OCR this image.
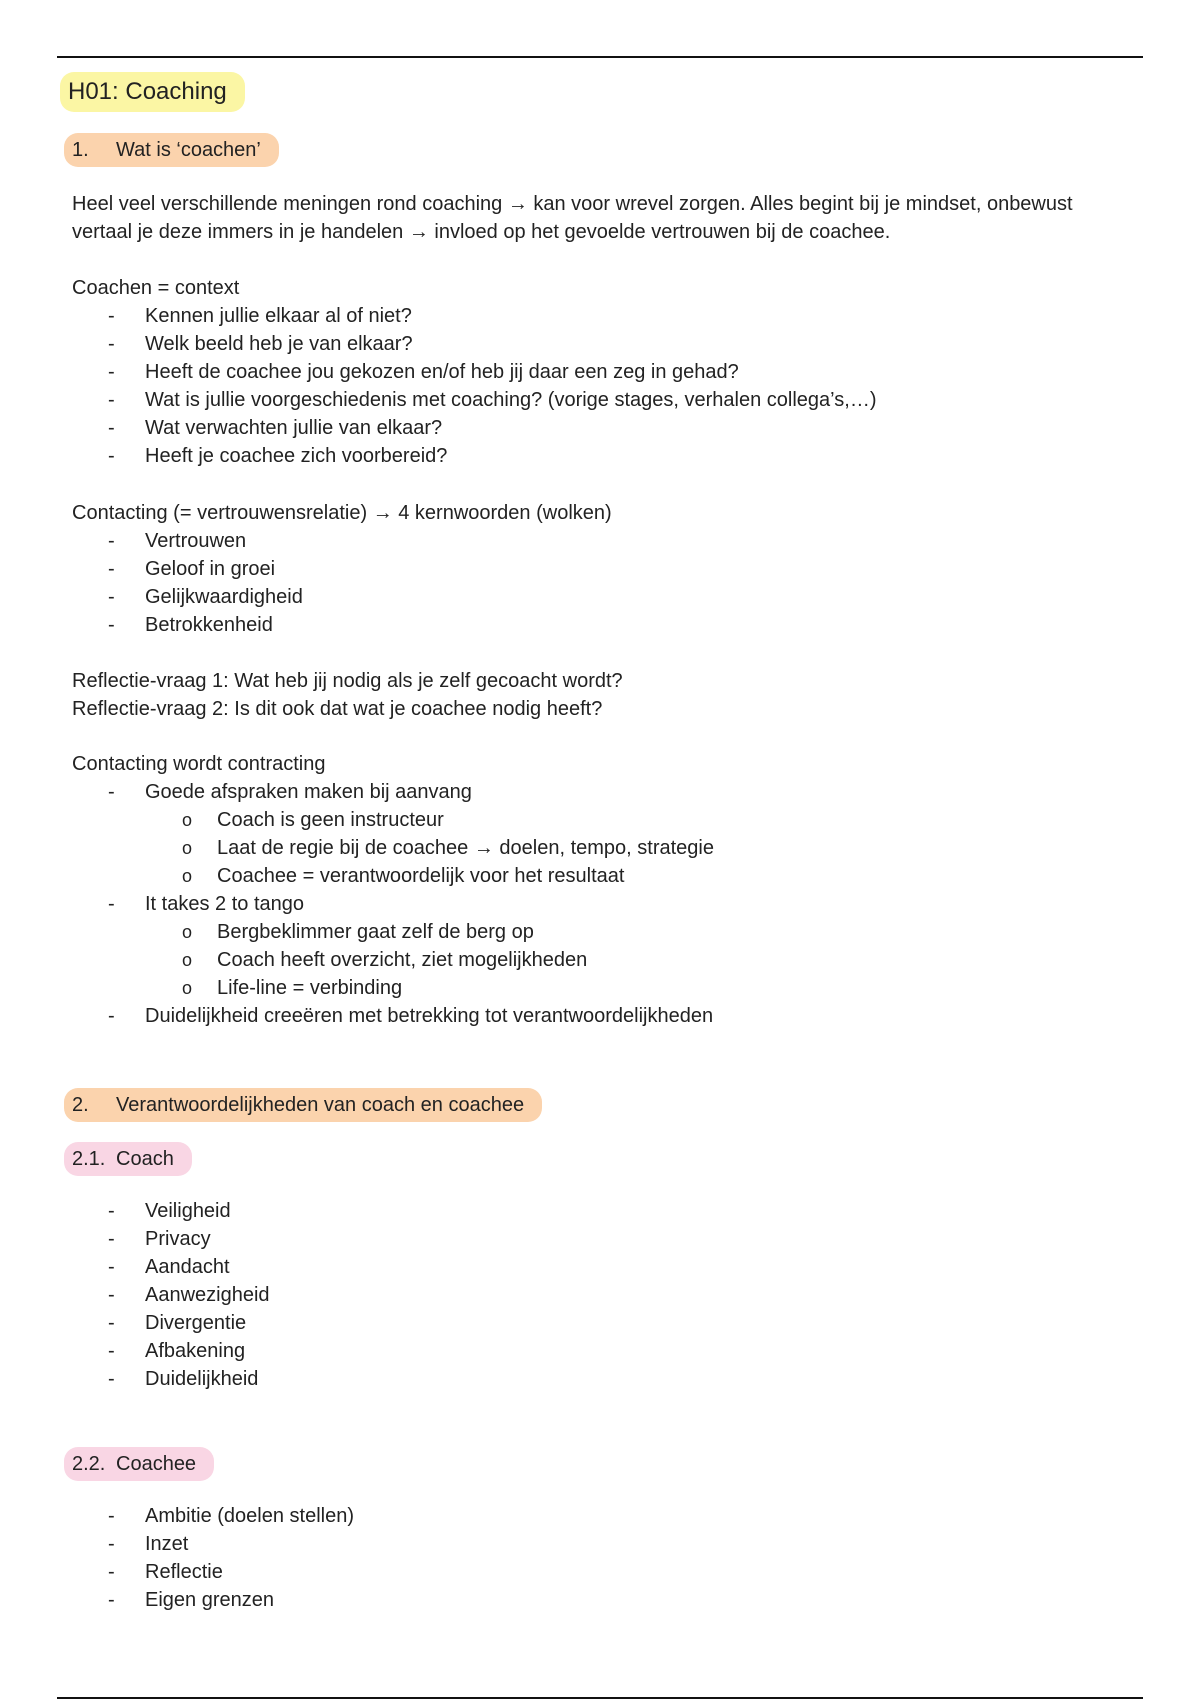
H01: Coaching
1. Wat is ‘coachen’
Heel veel verschillende meningen rond coaching → kan voor wrevel zorgen. Alles begint bij je mindset, onbewust
vertaal je deze immers in je handelen → invloed op het gevoelde vertrouwen bij de coachee.
Coachen = context
- Kennen jullie elkaar al of niet?
- Welk beeld heb je van elkaar?
- Heeft de coachee jou gekozen en/of heb jij daar een zeg in gehad?
- Wat is jullie voorgeschiedenis met coaching? (vorige stages, verhalen collega’s,…)
- Wat verwachten jullie van elkaar?
- Heeft je coachee zich voorbereid?
Contacting (= vertrouwensrelatie) → 4 kernwoorden (wolken)
- Vertrouwen
- Geloof in groei
- Gelijkwaardigheid
- Betrokkenheid
Reflectie-vraag 1: Wat heb jij nodig als je zelf gecoacht wordt?
Reflectie-vraag 2: Is dit ook dat wat je coachee nodig heeft?
Contacting wordt contracting
- Goede afspraken maken bij aanvang
o Coach is geen instructeur
o Laat de regie bij de coachee → doelen, tempo, strategie
o Coachee = verantwoordelijk voor het resultaat
- It takes 2 to tango
o Bergbeklimmer gaat zelf de berg op
o Coach heeft overzicht, ziet mogelijkheden
o Life-line = verbinding
- Duidelijkheid creeëren met betrekking tot verantwoordelijkheden
2. Verantwoordelijkheden van coach en coachee
2.1. Coach
- Veiligheid
- Privacy
- Aandacht
- Aanwezigheid
- Divergentie
- Afbakening
- Duidelijkheid
2.2. Coachee
- Ambitie (doelen stellen)
- Inzet
- Reflectie
- Eigen grenzen
